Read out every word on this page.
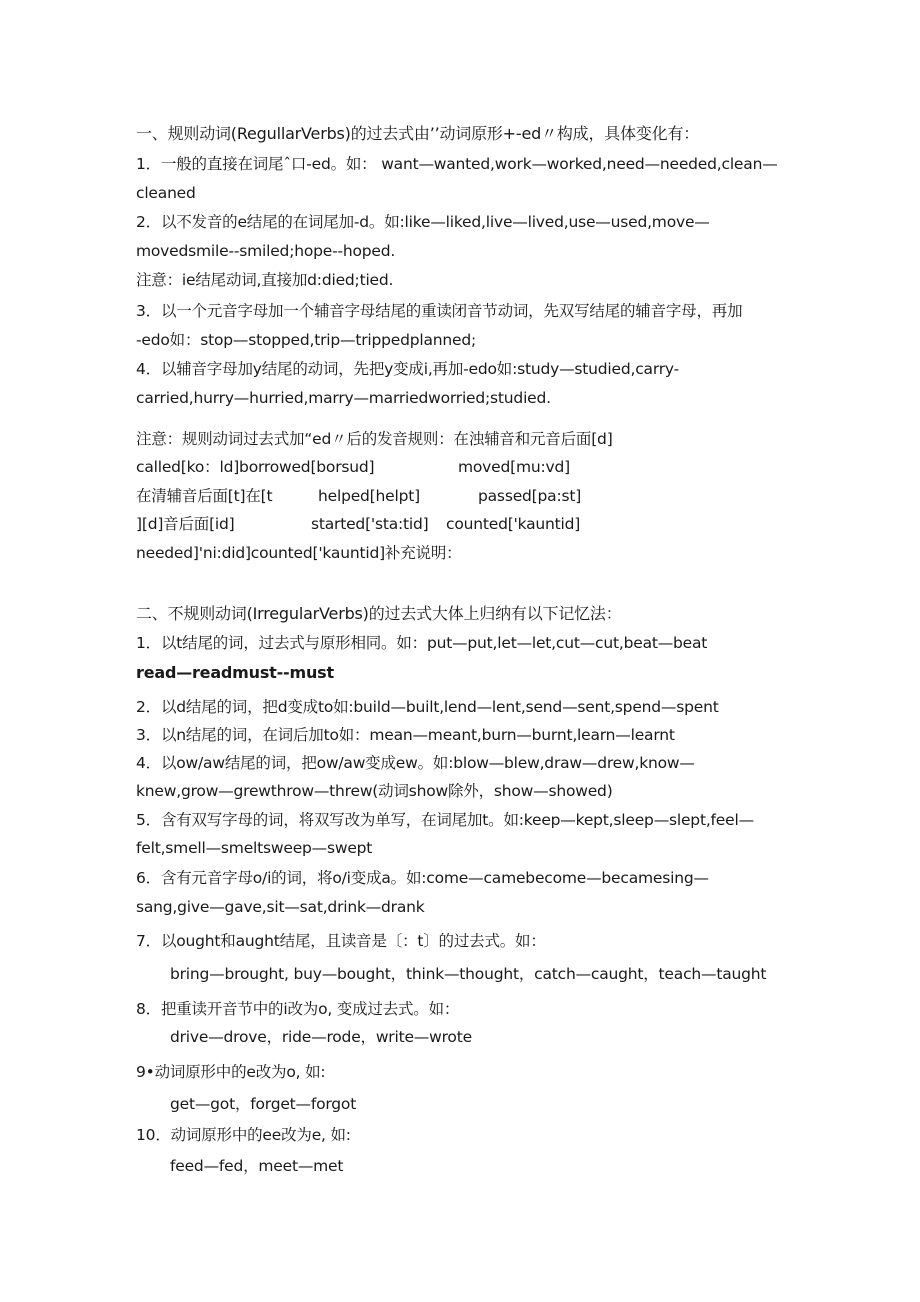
一、规则动词(RegullarVerbs)的过去式由’’动词原形+-ed〃构成，具体变化有：
1．一般的直接在词尾ˆ口-ed。如： want—wanted,work—worked,need—needed,clean—
cleaned
2．以不发音的e结尾的在词尾加-d。如:like—liked,live—lived,use—used,move—
movedsmile--smiled;hope--hoped.
注意：ie结尾动词,直接加d:died;tied.
3．以一个元音字母加一个辅音字母结尾的重读闭音节动词，先双写结尾的辅音字母，再加
-edo如：stop—stopped,trip—trippedplanned;
4．以辅音字母加y结尾的动词，先把y变成i,再加-edo如:study—studied,carry-
carried,hurry—hurried,marry—marriedworried;studied.
注意：规则动词过去式加“ed〃后的发音规则：在浊辅音和元音后面[d]
called[ko：ld]borrowed[borsud]	moved[mu:vd]
在清辅音后面[t]在[t	helped[helpt]	passed[pa:st]
][d]音后面[id]	started['sta:tid] counted['kauntid]
needed]'ni:did]counted['kauntid]补充说明：
二、不规则动词(IrregularVerbs)的过去式大体上归纳有以下记忆法：
1．以t结尾的词，过去式与原形相同。如：put—put,let—let,cut—cut,beat—beat
read—readmust--must
2．以d结尾的词，把d变成to如:build—built,lend—lent,send—sent,spend—spent
3．以n结尾的词，在词后加to如：mean—meant,burn—burnt,learn—learnt
4．以ow/aw结尾的词，把ow/aw变成ew。如:blow—blew,draw—drew,know—
knew,grow—grewthrow—threw(动词show除外，show—showed)
5．含有双写字母的词，将双写改为单写，在词尾加t。如:keep—kept,sleep—slept,feel—
felt,smell—smeltsweep—swept
6．含有元音字母o/i的词，将o/i变成a。如:come—camebecome—becamesing—
sang,give—gave,sit—sat,drink—drank
7．以ought和aught结尾，且读音是〔：t〕的过去式。如：
bring—brought, buy—bought，think—thought，catch—caught，teach—taught
8．把重读开音节中的i改为o, 变成过去式。如：
drive—drove，ride—rode，write—wrote
9•动词原形中的e改为o, 如:
get—got，forget—forgot
10．动词原形中的ee改为e, 如:
feed—fed，meet—met
